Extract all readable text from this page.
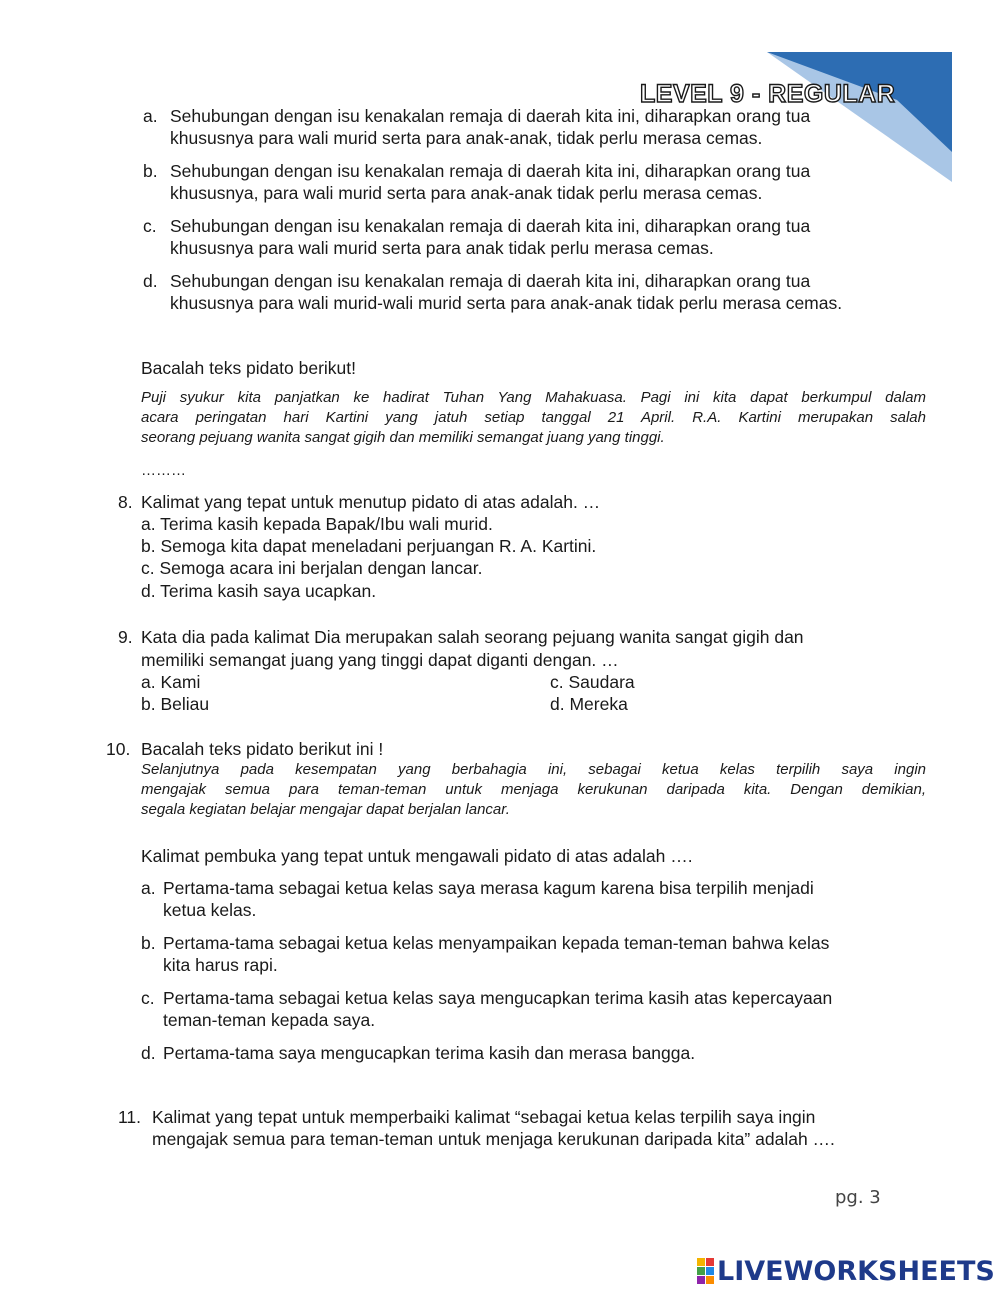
LEVEL 9 - REGULAR
a. Sehubungan dengan isu kenakalan remaja di daerah kita ini, diharapkan orang tua
khususnya para wali murid serta para anak-anak, tidak perlu merasa cemas.
b. Sehubungan dengan isu kenakalan remaja di daerah kita ini, diharapkan orang tua
khususnya, para wali murid serta para anak-anak tidak perlu merasa cemas.
c. Sehubungan dengan isu kenakalan remaja di daerah kita ini, diharapkan orang tua
khususnya para wali murid serta para anak tidak perlu merasa cemas.
d. Sehubungan dengan isu kenakalan remaja di daerah kita ini, diharapkan orang tua
khususnya para wali murid-wali murid serta para anak-anak tidak perlu merasa cemas.
Bacalah teks pidato berikut!
Puji syukur kita panjatkan ke hadirat Tuhan Yang Mahakuasa. Pagi ini kita dapat berkumpul dalam
acara peringatan hari Kartini yang jatuh setiap tanggal 21 April. R.A. Kartini merupakan salah
seorang pejuang wanita sangat gigih dan memiliki semangat juang yang tinggi.
………
8. Kalimat yang tepat untuk menutup pidato di atas adalah. …
a. Terima kasih kepada Bapak/Ibu wali murid.
b. Semoga kita dapat meneladani perjuangan R. A. Kartini.
c. Semoga acara ini berjalan dengan lancar.
d. Terima kasih saya ucapkan.
9. Kata dia pada kalimat Dia merupakan salah seorang pejuang wanita sangat gigih dan
memiliki semangat juang yang tinggi dapat diganti dengan. …
a. Kami	c. Saudara
b. Beliau	d. Mereka
10. Bacalah teks pidato berikut ini !
Selanjutnya pada kesempatan yang berbahagia ini, sebagai ketua kelas terpilih saya ingin
mengajak semua para teman-teman untuk menjaga kerukunan daripada kita. Dengan demikian,
segala kegiatan belajar mengajar dapat berjalan lancar.
Kalimat pembuka yang tepat untuk mengawali pidato di atas adalah ….
a. Pertama-tama sebagai ketua kelas saya merasa kagum karena bisa terpilih menjadi
ketua kelas.
b. Pertama-tama sebagai ketua kelas menyampaikan kepada teman-teman bahwa kelas
kita harus rapi.
c. Pertama-tama sebagai ketua kelas saya mengucapkan terima kasih atas kepercayaan
teman-teman kepada saya.
d. Pertama-tama saya mengucapkan terima kasih dan merasa bangga.
11. Kalimat yang tepat untuk memperbaiki kalimat “sebagai ketua kelas terpilih saya ingin
mengajak semua para teman-teman untuk menjaga kerukunan daripada kita” adalah ….
pg. 3
LIVEWORKSHEETS
